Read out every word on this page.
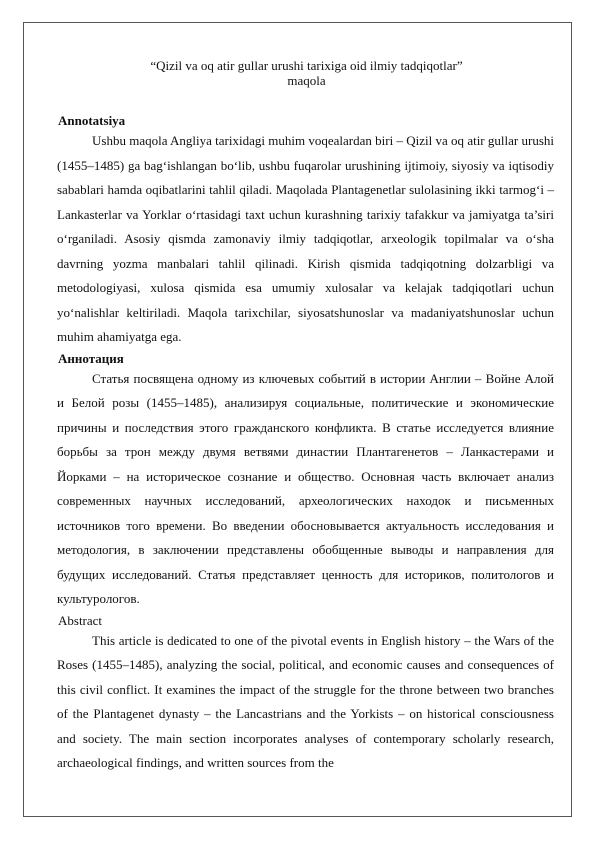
“Qizil va oq atir gullar urushi tarixiga oid ilmiy tadqiqotlar”
maqola
Annotatsiya

Ushbu maqola Angliya tarixidagi muhim voqealardan biri – Qizil va oq atir gullar urushi (1455–1485) ga bag‘ishlangan bo‘lib, ushbu fuqarolar urushining ijtimoiy, siyosiy va iqtisodiy sabablari hamda oqibatlarini tahlil qiladi. Maqolada Plantagenetlar sulolasining ikki tarmog‘i – Lankasterlar va Yorklar o‘rtasidagi taxt uchun kurashning tarixiy tafakkur va jamiyatga ta’siri o‘rganiladi. Asosiy qismda zamonaviy ilmiy tadqiqotlar, arxeologik topilmalar va o‘sha davrning yozma manbalari tahlil qilinadi. Kirish qismida tadqiqotning dolzarbligi va metodologiyasi, xulosa qismida esa umumiy xulosalar va kelajak tadqiqotlari uchun yo‘nalishlar keltiriladi. Maqola tarixchilar, siyosatshunoslar va madaniyatshunoslar uchun muhim ahamiyatga ega.

Аннотация

Статья посвящена одному из ключевых событий в истории Англии – Войне Алой и Белой розы (1455–1485), анализируя социальные, политические и экономические причины и последствия этого гражданского конфликта. В статье исследуется влияние борьбы за трон между двумя ветвями династии Плантагенетов – Ланкастерами и Йорками – на историческое сознание и общество. Основная часть включает анализ современных научных исследований, археологических находок и письменных источников того времени. Во введении обосновывается актуальность исследования и методология, в заключении представлены обобщенные выводы и направления для будущих исследований. Статья представляет ценность для историков, политологов и культурологов.

Abstract

This article is dedicated to one of the pivotal events in English history – the Wars of the Roses (1455–1485), analyzing the social, political, and economic causes and consequences of this civil conflict. It examines the impact of the struggle for the throne between two branches of the Plantagenet dynasty – the Lancastrians and the Yorkists – on historical consciousness and society. The main section incorporates analyses of contemporary scholarly research, archaeological findings, and written sources from the
